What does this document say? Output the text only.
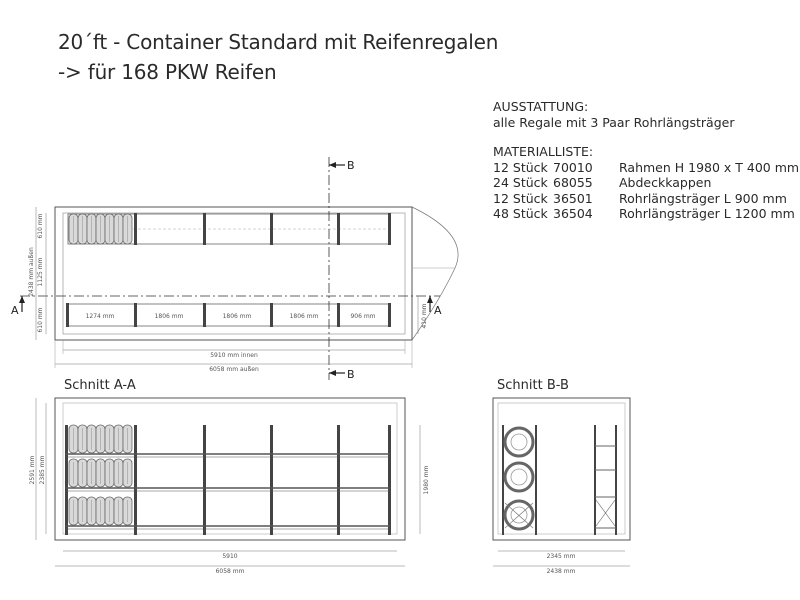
20´ft - Container Standard mit Reifenregalen
-> für 168 PKW Reifen
AUSSTATTUNG:
alle Regale mit 3 Paar Rohrlängsträger
MATERIALLISTE:
12 Stück	70010	Rahmen H 1980 x T 400 mm
24 Stück	68055	Abdeckkappen
12 Stück	36501	Rohrlängsträger L 900 mm
48 Stück	36504	Rohrlängsträger L 1200 mm
Schnitt A-A	Schnitt B-B
1274 mm	1806 mm	1806 mm	1806 mm	906 mm
A	A
B
B
610 mm
1125 mm
2438 mm außen
610 mm	410 mm
5910 mm innen
6058 mm außen
2591 mm 2385 mm	1980 mm
5910
6058 mm
2345 mm
2438 mm
